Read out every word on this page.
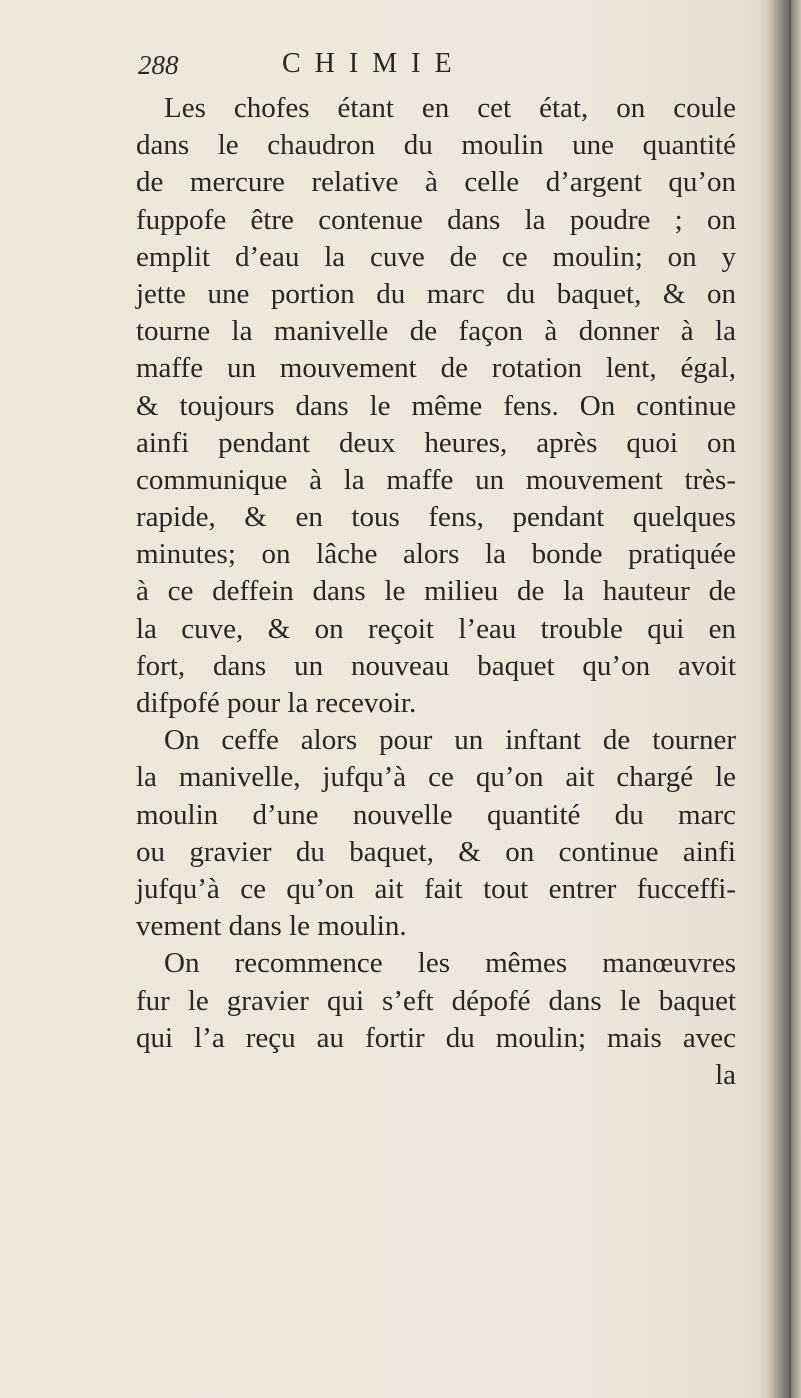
288	CHIMIE
Les chofes étant en cet état, on coule
dans le chaudron du moulin une quantité
de mercure relative à celle d’argent qu’on
fuppofe être contenue dans la poudre ; on
emplit d’eau la cuve de ce moulin; on y
jette une portion du marc du baquet, & on
tourne la manivelle de façon à donner à la
maffe un mouvement de rotation lent, égal,
& toujours dans le même fens. On continue
ainfi pendant deux heures, après quoi on
communique à la maffe un mouvement très-
rapide, & en tous fens, pendant quelques
minutes; on lâche alors la bonde pratiquée
à ce deffein dans le milieu de la hauteur de
la cuve, & on reçoit l’eau trouble qui en
fort, dans un nouveau baquet qu’on avoit
difpofé pour la recevoir.
On ceffe alors pour un inftant de tourner
la manivelle, jufqu’à ce qu’on ait chargé le
moulin d’une nouvelle quantité du marc
ou gravier du baquet, & on continue ainfi
jufqu’à ce qu’on ait fait tout entrer fucceffi-
vement dans le moulin.
On recommence les mêmes manœuvres
fur le gravier qui s’eft dépofé dans le baquet
qui l’a reçu au fortir du moulin; mais avec
la
